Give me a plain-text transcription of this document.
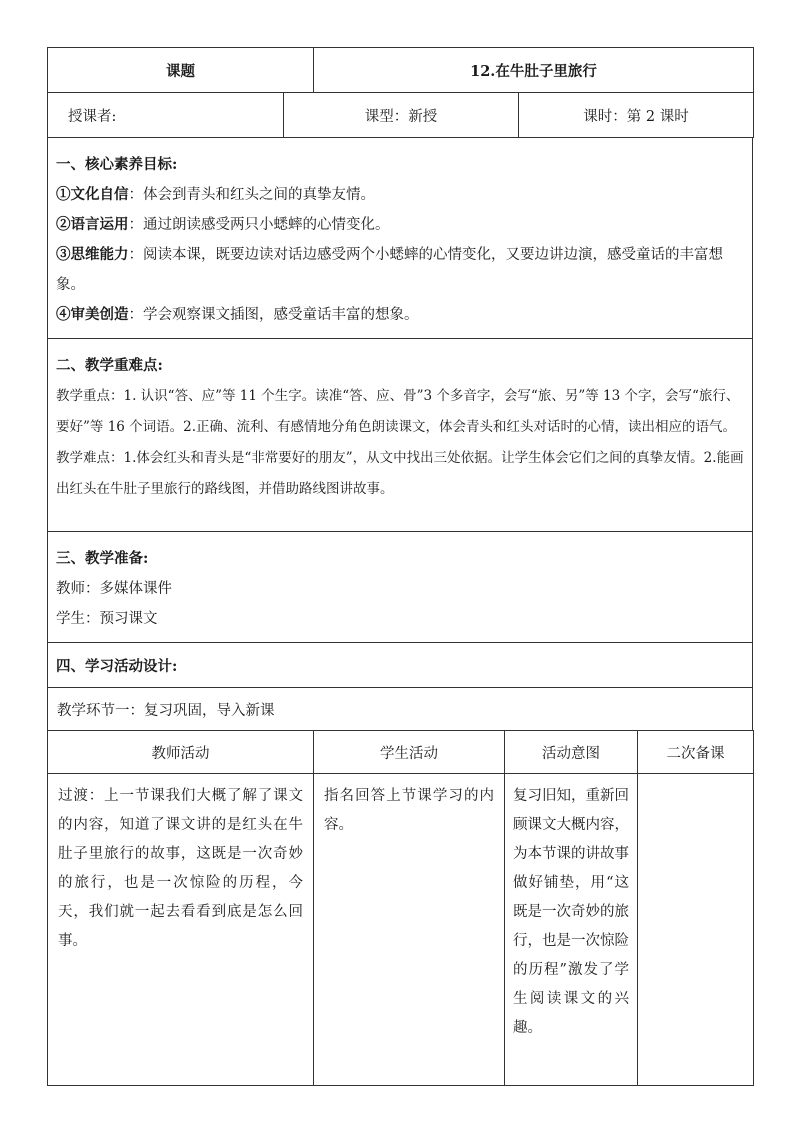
课题	12.在牛肚子里旅行
授课者:	课型：新授	课时：第 2 课时
一、核心素养目标:
①文化自信：体会到青头和红头之间的真挚友情。
②语言运用：通过朗读感受两只小蟋蟀的心情变化。
③思维能力：阅读本课，既要边读对话边感受两个小蟋蟀的心情变化，又要边讲边演，感受童话的丰富想象。
④审美创造：学会观察课文插图，感受童话丰富的想象。

二、教学重难点:
教学重点：1. 认识“答、应”等 11 个生字。读准“答、应、骨”3 个多音字，会写“旅、另”等 13 个字，会写“旅行、要好”等 16 个词语。2.正确、流利、有感情地分角色朗读课文，体会青头和红头对话时的心情，读出相应的语气。
教学难点：1.体会红头和青头是“非常要好的朋友”，从文中找出三处依据。让学生体会它们之间的真挚友情。2.能画出红头在牛肚子里旅行的路线图，并借助路线图讲故事。

三、教学准备:
教师：多媒体课件
学生：预习课文

四、学习活动设计:
教学环节一：复习巩固，导入新课
教师活动	学生活动	活动意图	二次备课
过渡：上一节课我们大概了解了课文的内容，知道了课文讲的是红头在牛肚子里旅行的故事，这既是一次奇妙的旅行，也是一次惊险的历程，今天，我们就一起去看看到底是怎么回事。	指名回答上节课学习的内容。	复习旧知，重新回顾课文大概内容，为本节课的讲故事做好铺垫，用“这既是一次奇妙的旅行，也是一次惊险的历程”激发了学生阅读课文的兴趣。	
